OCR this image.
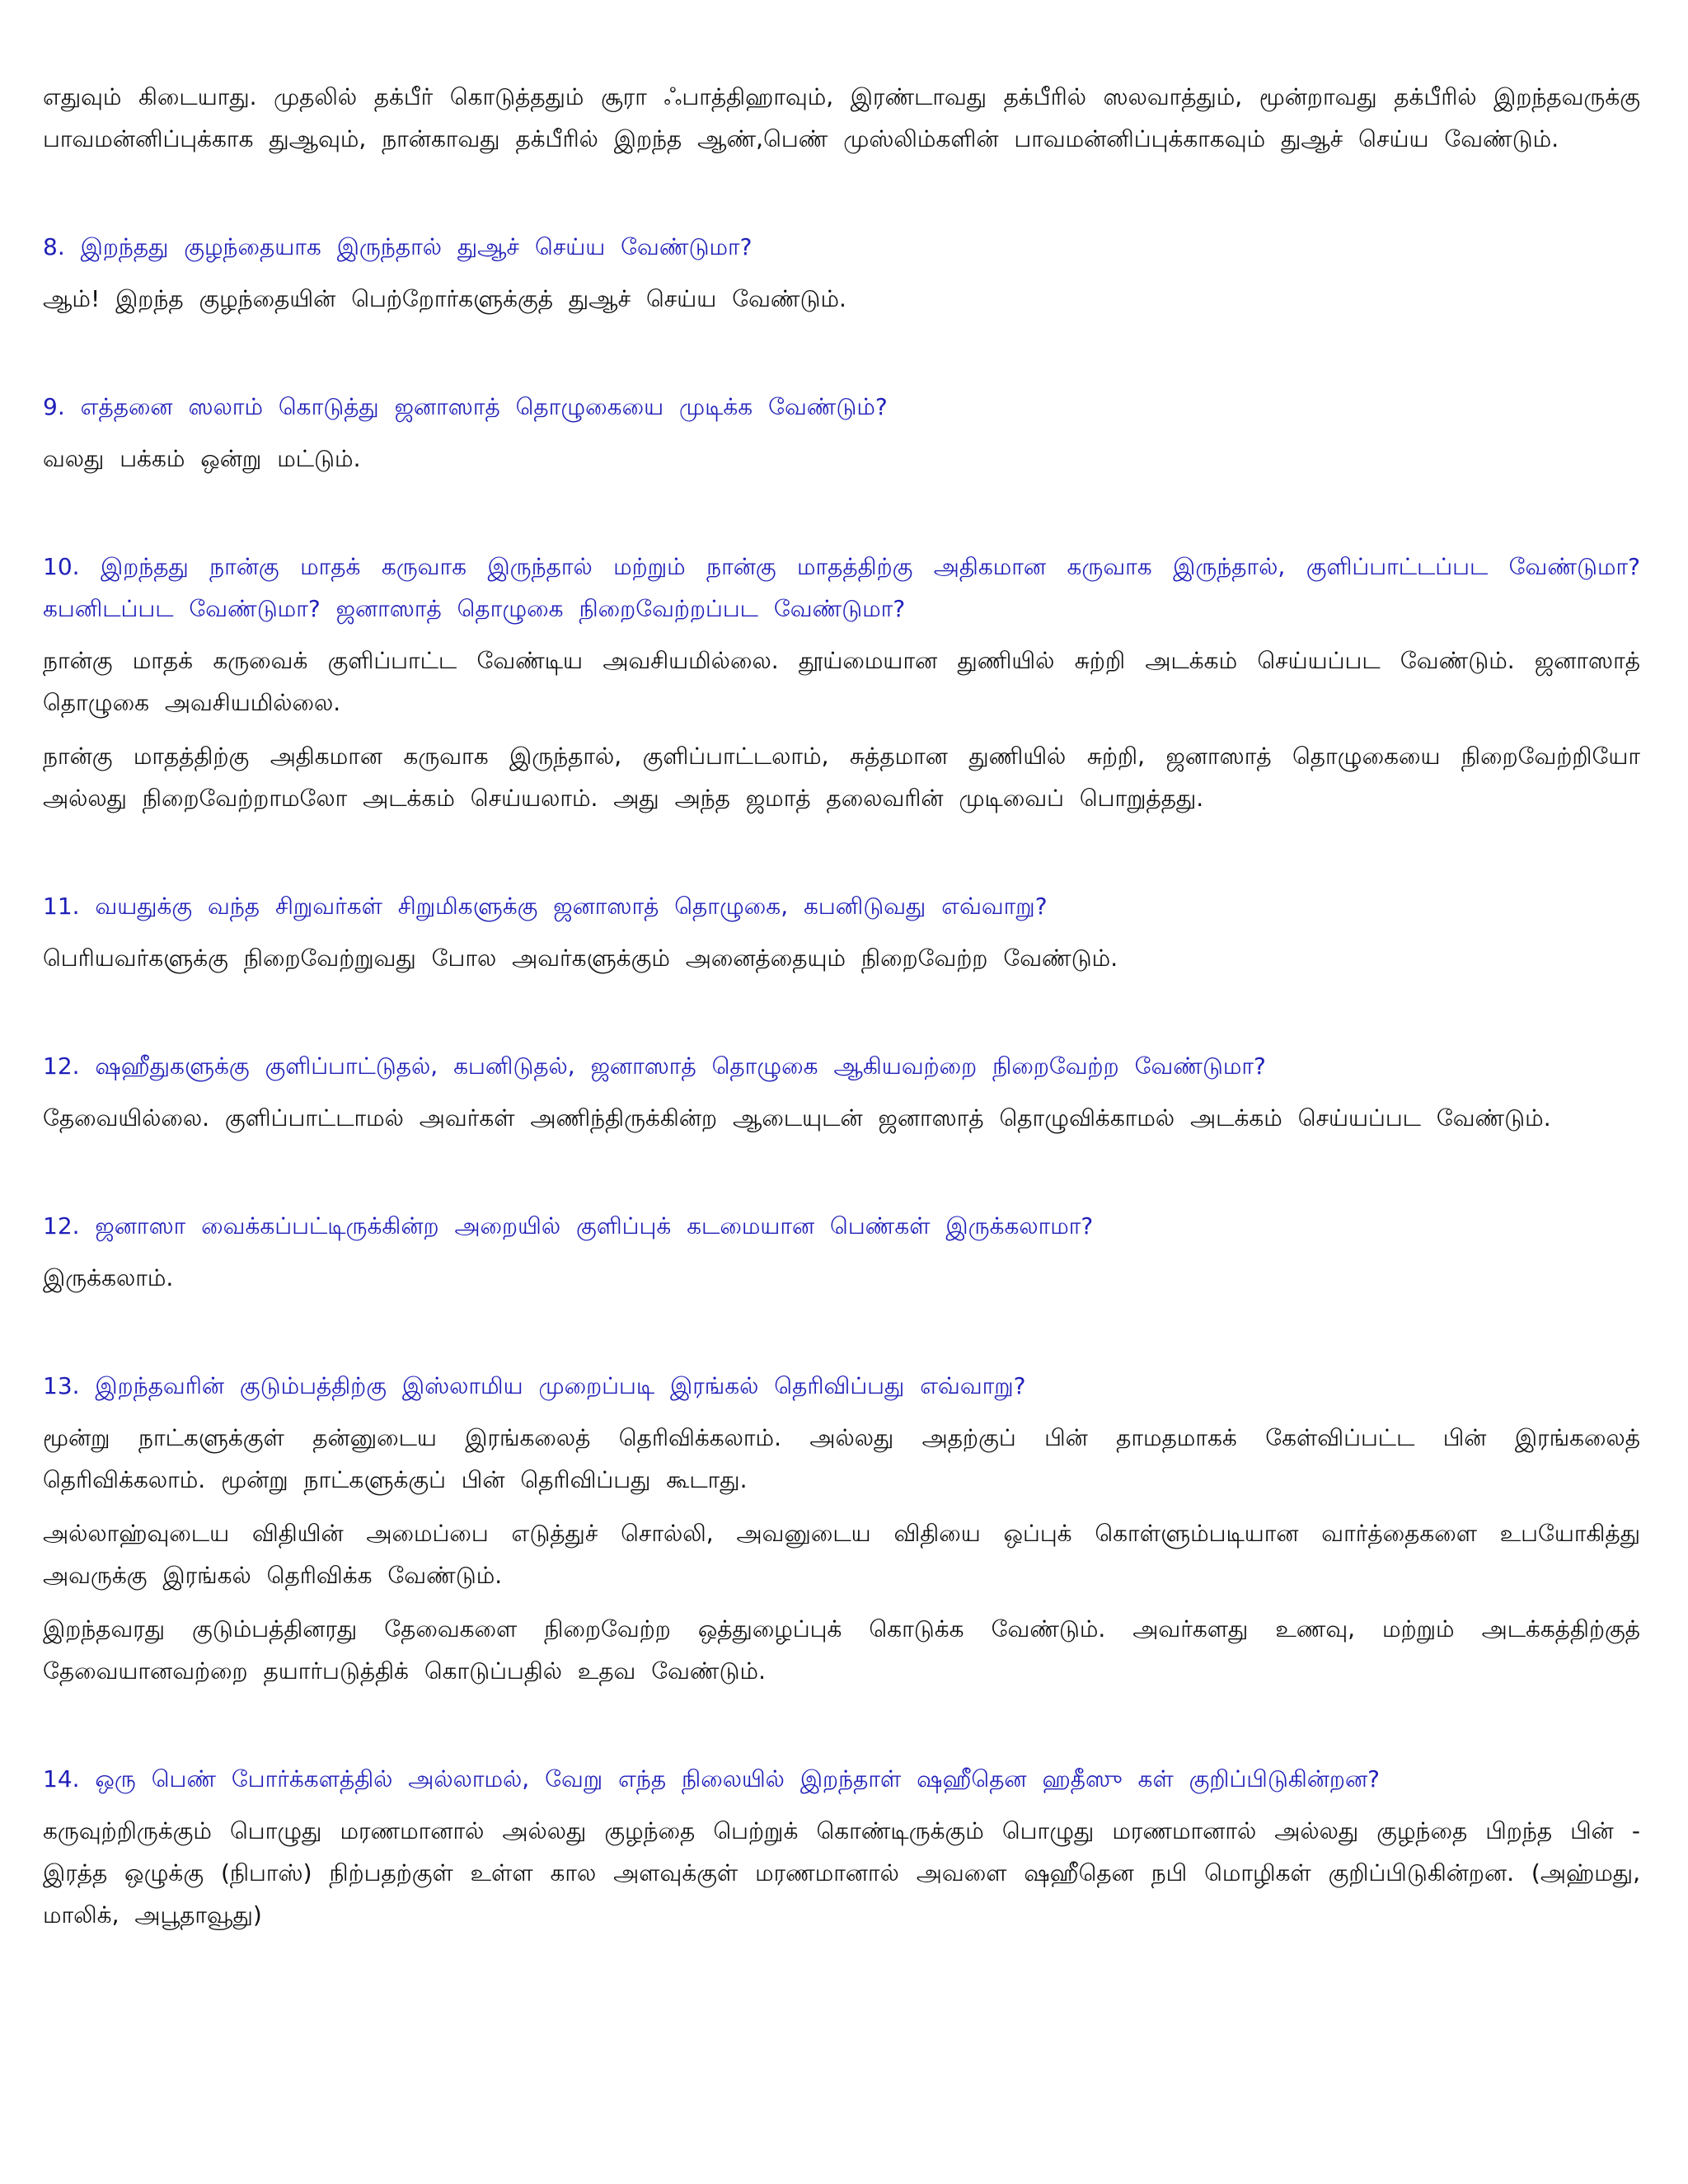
எதுவும் கிடையாது. முதலில் தக்பீர் கொடுத்ததும் சூரா ஃபாத்திஹாவும், இரண்டாவது தக்பீரில் ஸலவாத்தும், மூன்றாவது தக்பீரில் இறந்தவருக்கு பாவமன்னிப்புக்காக துஆவும், நான்காவது தக்பீரில் இறந்த ஆண்,பெண் முஸ்லிம்களின் பாவமன்னிப்புக்காகவும் துஆச் செய்ய வேண்டும்.

8. இறந்தது குழந்தையாக இருந்தால் துஆச் செய்ய வேண்டுமா?

ஆம்! இறந்த குழந்தையின் பெற்றோர்களுக்குத் துஆச் செய்ய வேண்டும்.

9. எத்தனை ஸலாம் கொடுத்து ஜனாஸாத் தொழுகையை முடிக்க வேண்டும்?

வலது பக்கம் ஒன்று மட்டும்.

10. இறந்தது நான்கு மாதக் கருவாக இருந்தால் மற்றும் நான்கு மாதத்திற்கு அதிகமான கருவாக இருந்தால், குளிப்பாட்டப்பட வேண்டுமா? கபனிடப்பட வேண்டுமா? ஜனாஸாத் தொழுகை நிறைவேற்றப்பட வேண்டுமா?

நான்கு மாதக் கருவைக் குளிப்பாட்ட வேண்டிய அவசியமில்லை. தூய்மையான துணியில் சுற்றி அடக்கம் செய்யப்பட வேண்டும். ஜனாஸாத் தொழுகை அவசியமில்லை.

நான்கு மாதத்திற்கு அதிகமான கருவாக இருந்தால், குளிப்பாட்டலாம், சுத்தமான துணியில் சுற்றி, ஜனாஸாத் தொழுகையை நிறைவேற்றியோ அல்லது நிறைவேற்றாமலோ அடக்கம் செய்யலாம். அது அந்த ஜமாத் தலைவரின் முடிவைப் பொறுத்தது.

11. வயதுக்கு வந்த சிறுவர்கள் சிறுமிகளுக்கு ஜனாஸாத் தொழுகை, கபனிடுவது எவ்வாறு?

பெரியவர்களுக்கு நிறைவேற்றுவது போல அவர்களுக்கும் அனைத்தையும் நிறைவேற்ற வேண்டும்.

12. ஷஹீதுகளுக்கு குளிப்பாட்டுதல், கபனிடுதல், ஜனாஸாத் தொழுகை ஆகியவற்றை நிறைவேற்ற வேண்டுமா?

தேவையில்லை. குளிப்பாட்டாமல் அவர்கள் அணிந்திருக்கின்ற ஆடையுடன் ஜனாஸாத் தொழுவிக்காமல் அடக்கம் செய்யப்பட வேண்டும்.

12. ஜனாஸா வைக்கப்பட்டிருக்கின்ற அறையில் குளிப்புக் கடமையான பெண்கள் இருக்கலாமா?

இருக்கலாம்.

13. இறந்தவரின் குடும்பத்திற்கு இஸ்லாமிய முறைப்படி இரங்கல் தெரிவிப்பது எவ்வாறு?

மூன்று நாட்களுக்குள் தன்னுடைய இரங்கலைத் தெரிவிக்கலாம். அல்லது அதற்குப் பின் தாமதமாகக் கேள்விப்பட்ட பின் இரங்கலைத் தெரிவிக்கலாம். மூன்று நாட்களுக்குப் பின் தெரிவிப்பது கூடாது.

அல்லாஹ்வுடைய விதியின் அமைப்பை எடுத்துச் சொல்லி, அவனுடைய விதியை ஒப்புக் கொள்ளும்படியான வார்த்தைகளை உபயோகித்து அவருக்கு இரங்கல் தெரிவிக்க வேண்டும்.

இறந்தவரது குடும்பத்தினரது தேவைகளை நிறைவேற்ற ஒத்துழைப்புக் கொடுக்க வேண்டும். அவர்களது உணவு, மற்றும் அடக்கத்திற்குத் தேவையானவற்றை தயார்படுத்திக் கொடுப்பதில் உதவ வேண்டும்.

14. ஒரு பெண் போர்க்களத்தில் அல்லாமல், வேறு எந்த நிலையில் இறந்தாள் ஷஹீதென ஹதீஸு கள் குறிப்பிடுகின்றன?

கருவுற்றிருக்கும் பொழுது மரணமானால் அல்லது குழந்தை பெற்றுக் கொண்டிருக்கும் பொழுது மரணமானால் அல்லது குழந்தை பிறந்த பின் - இரத்த ஒழுக்கு (நிபாஸ்) நிற்பதற்குள் உள்ள கால அளவுக்குள் மரணமானால் அவளை ஷஹீதென நபி மொழிகள் குறிப்பிடுகின்றன. (அஹ்மது, மாலிக், அபூதாவூது)
